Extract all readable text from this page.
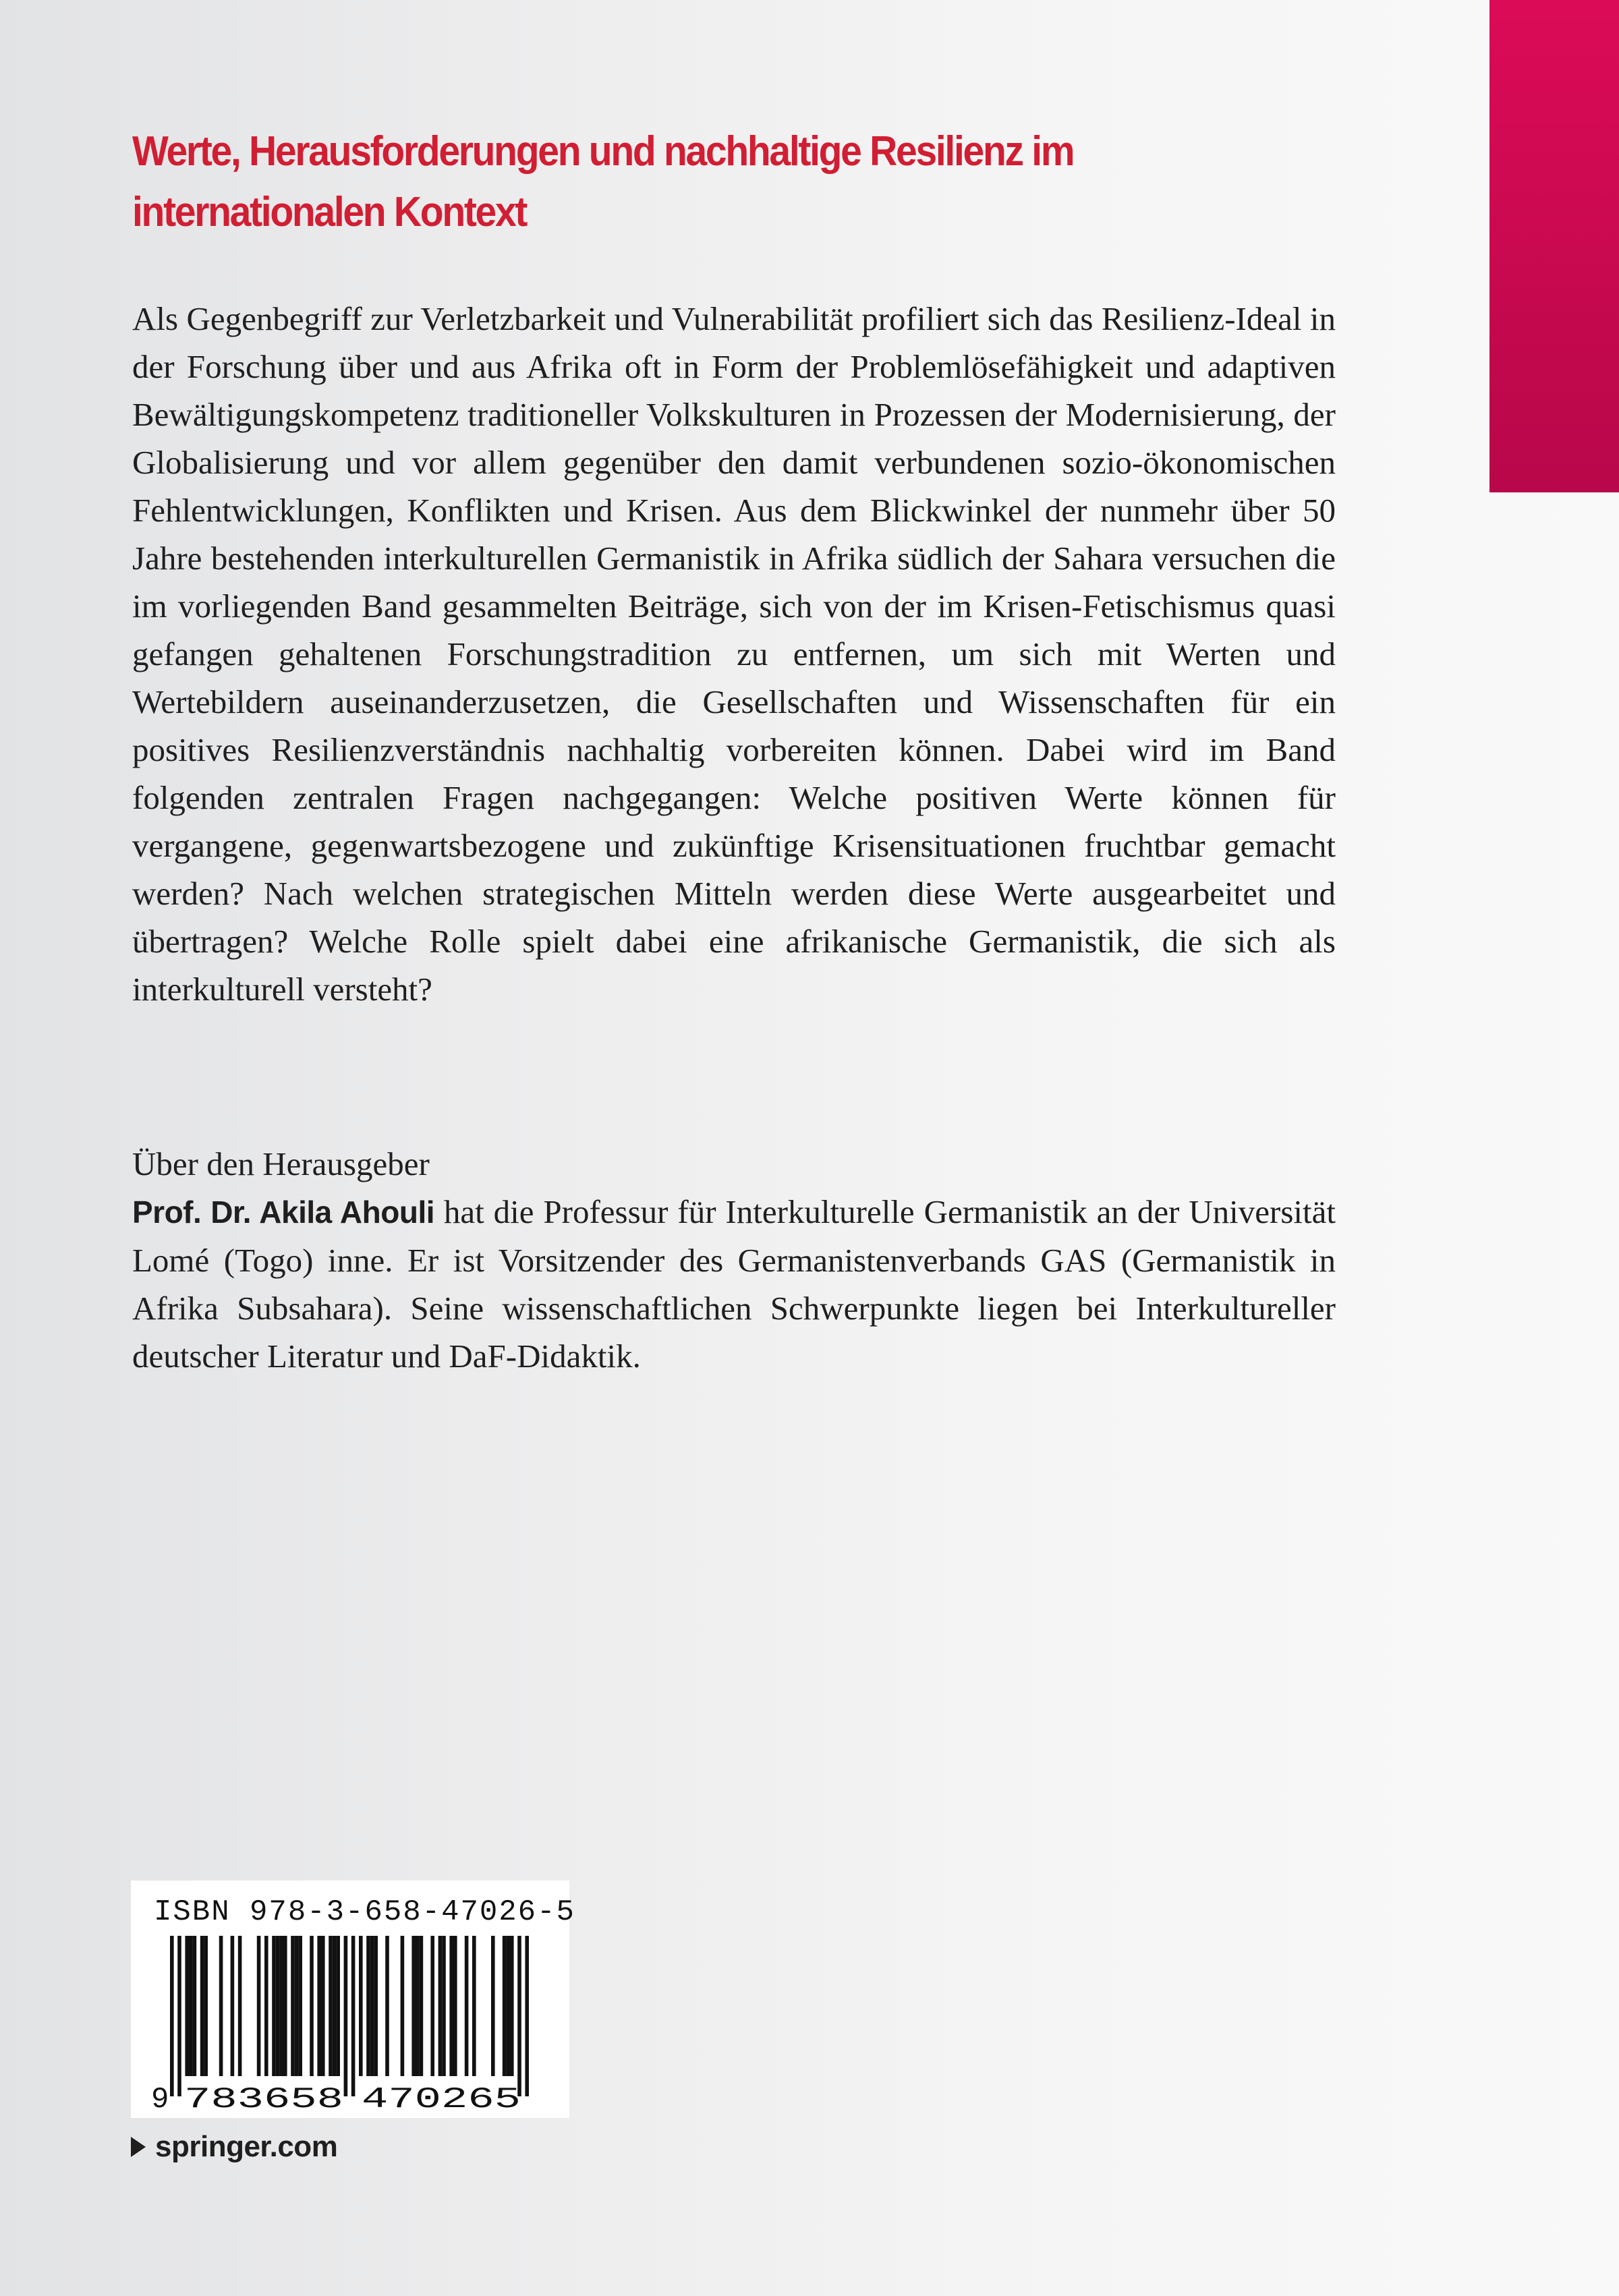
Werte, Herausforderungen und nachhaltige Resilienz im internationalen Kontext

Als Gegenbegriff zur Verletzbarkeit und Vulnerabilität profiliert sich das Resilienz-Ideal in der Forschung über und aus Afrika oft in Form der Problemlösefähigkeit und adaptiven Bewältigungskompetenz traditioneller Volkskulturen in Prozessen der Modernisierung, der Globalisierung und vor allem gegenüber den damit verbundenen sozio-ökonomischen Fehlentwicklungen, Konflikten und Krisen. Aus dem Blickwinkel der nunmehr über 50 Jahre bestehenden interkulturellen Germanistik in Afrika südlich der Sahara versuchen die im vorliegenden Band gesammelten Beiträge, sich von der im Krisen-Fetischismus quasi gefangen gehaltenen Forschungstradition zu entfernen, um sich mit Werten und Wertebildern auseinanderzusetzen, die Gesellschaften und Wissenschaften für ein positives Resilienzverständnis nachhaltig vorbereiten können. Dabei wird im Band folgenden zentralen Fragen nachgegangen: Welche positiven Werte können für vergangene, gegenwartsbezogene und zukünftige Krisensituationen fruchtbar gemacht werden? Nach welchen strategischen Mitteln werden diese Werte ausgearbeitet und übertragen? Welche Rolle spielt dabei eine afrikanische Germanistik, die sich als interkulturell versteht?

Über den Herausgeber
Prof. Dr. Akila Ahouli hat die Professur für Interkulturelle Germanistik an der Universität Lomé (Togo) inne. Er ist Vorsitzender des Germanistenverbands GAS (Germanistik in Afrika Subsahara). Seine wissenschaftlichen Schwerpunkte liegen bei Interkultureller deutscher Literatur und DaF-Didaktik.
ISBN 978-3-658-47026-5
9 783658 470265
springer.com
